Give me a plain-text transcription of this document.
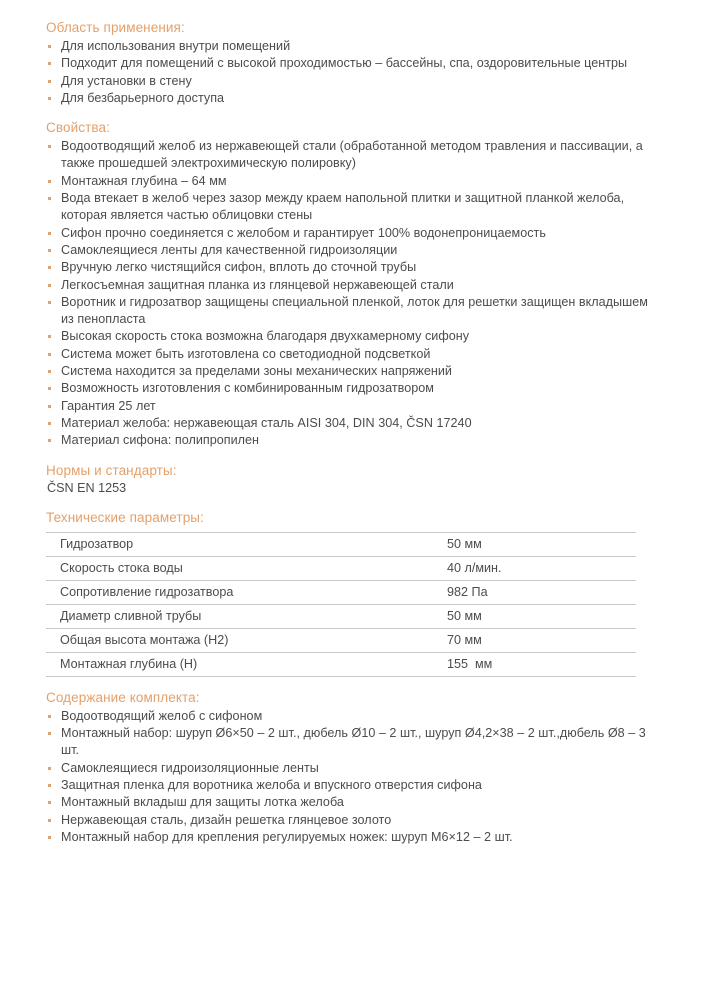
Область применения:
Для использования внутри помещений
Подходит для помещений с высокой проходимостью – бассейны, спа, оздоровительные центры
Для установки в стену
Для безбарьерного доступа
Свойства:
Водоотводящий желоб из нержавеющей стали (обработанной методом травления и пассивации, а также прошедшей электрохимическую полировку)
Монтажная глубина – 64 мм
Вода втекает в желоб через зазор между краем напольной плитки и защитной планкой желоба, которая является частью облицовки стены
Сифон прочно соединяется с желобом и гарантирует 100% водонепроницаемость
Самоклеящиеся ленты для качественной гидроизоляции
Вручную легко чистящийся сифон, вплоть до сточной трубы
Легкосъемная защитная планка из глянцевой нержавеющей стали
Воротник и гидрозатвор защищены специальной пленкой, лоток для решетки защищен вкладышем из пенопласта
Высокая скорость стока возможна благодаря двухкамерному сифону
Система может быть изготовлена со светодиодной подсветкой
Система находится за пределами зоны механических напряжений
Возможность изготовления с комбинированным гидрозатвором
Гарантия 25 лет
Материал желоба: нержавеющая сталь AISI 304, DIN 304, ČSN 17240
Материал сифона: полипропилен
Нормы и стандарты:

ČSN EN 1253

Технические параметры:
Гидрозатвор	50 мм
Скорость стока воды	40 л/мин.
Сопротивление гидрозатвора	982 Па
Диаметр сливной трубы	50 мм
Общая высота монтажа (H2)	70 мм
Монтажная глубина (H)	155  мм
Содержание комплекта:
Водоотводящий желоб с сифоном
Монтажный набор: шуруп Ø6×50 – 2 шт., дюбель Ø10 – 2 шт., шуруп Ø4,2×38 – 2 шт.,дюбель Ø8 – 3 шт.
Самоклеящиеся гидроизоляционные ленты
Защитная пленка для воротника желоба и впускного отверстия сифона
Монтажный вкладыш для защиты лотка желоба
Нержавеющая сталь, дизайн решетка глянцевое золото
Монтажный набор для крепления регулируемых ножек: шуруп M6×12 – 2 шт.
